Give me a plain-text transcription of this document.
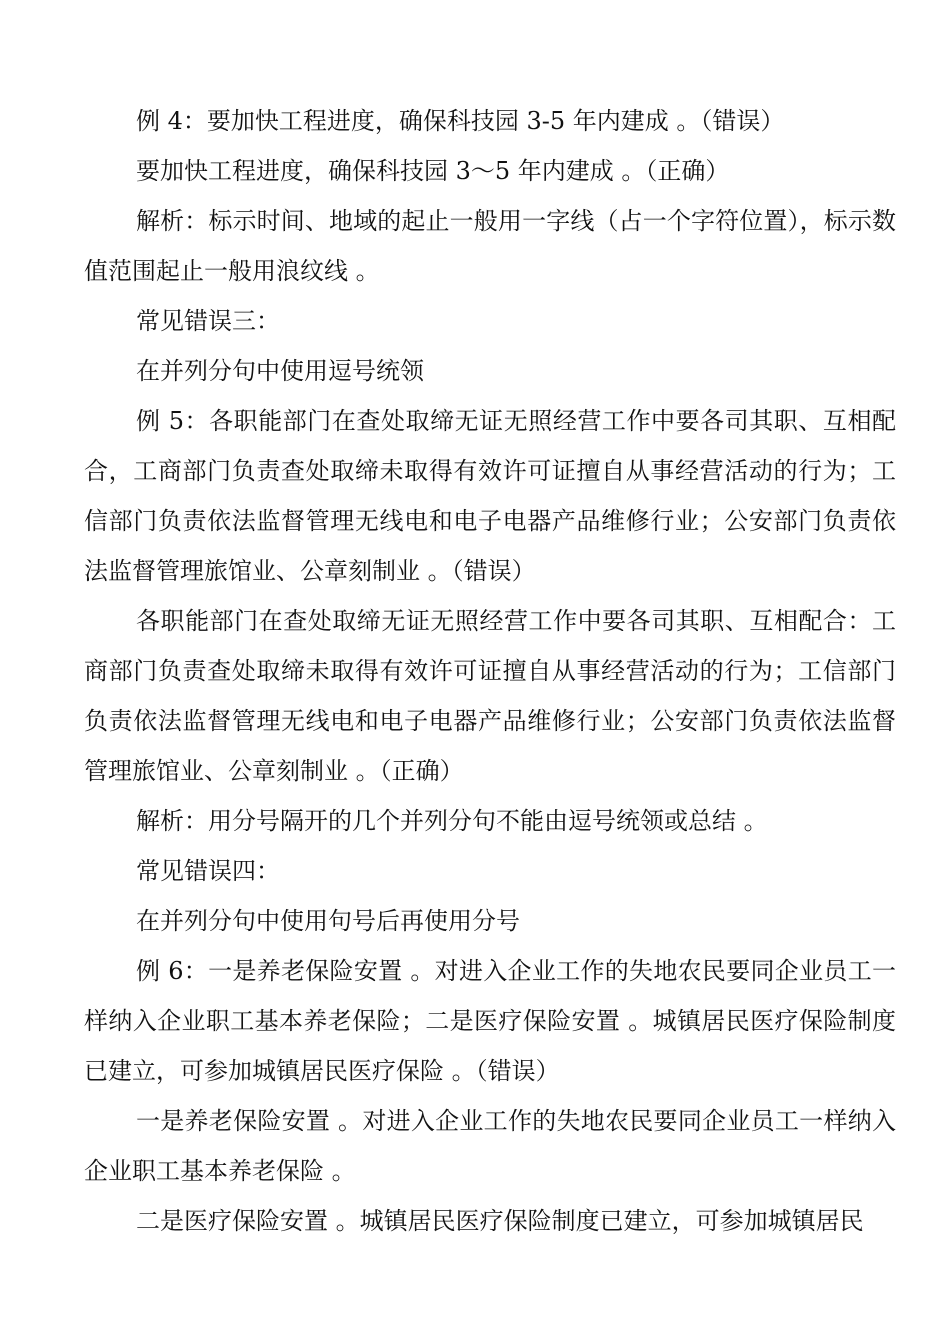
例 4：要加快工程进度，确保科技园 3-5 年内建成 。（错误）

要加快工程进度，确保科技园 3～5 年内建成 。（正确）

解析：标示时间、地域的起止一般用一字线（占一个字符位置），标示数值范围起止一般用浪纹线 。

常见错误三：

在并列分句中使用逗号统领

例 5：各职能部门在查处取缔无证无照经营工作中要各司其职、互相配合，工商部门负责查处取缔未取得有效许可证擅自从事经营活动的行为；工信部门负责依法监督管理无线电和电子电器产品维修行业；公安部门负责依法监督管理旅馆业、公章刻制业 。（错误）

各职能部门在查处取缔无证无照经营工作中要各司其职、互相配合：工商部门负责查处取缔未取得有效许可证擅自从事经营活动的行为；工信部门负责依法监督管理无线电和电子电器产品维修行业；公安部门负责依法监督管理旅馆业、公章刻制业 。（正确）

解析：用分号隔开的几个并列分句不能由逗号统领或总结 。

常见错误四：

在并列分句中使用句号后再使用分号

例 6：一是养老保险安置 。对进入企业工作的失地农民要同企业员工一样纳入企业职工基本养老保险；二是医疗保险安置 。城镇居民医疗保险制度已建立，可参加城镇居民医疗保险 。（错误）

一是养老保险安置 。对进入企业工作的失地农民要同企业员工一样纳入企业职工基本养老保险 。

二是医疗保险安置 。城镇居民医疗保险制度已建立，可参加城镇居民
